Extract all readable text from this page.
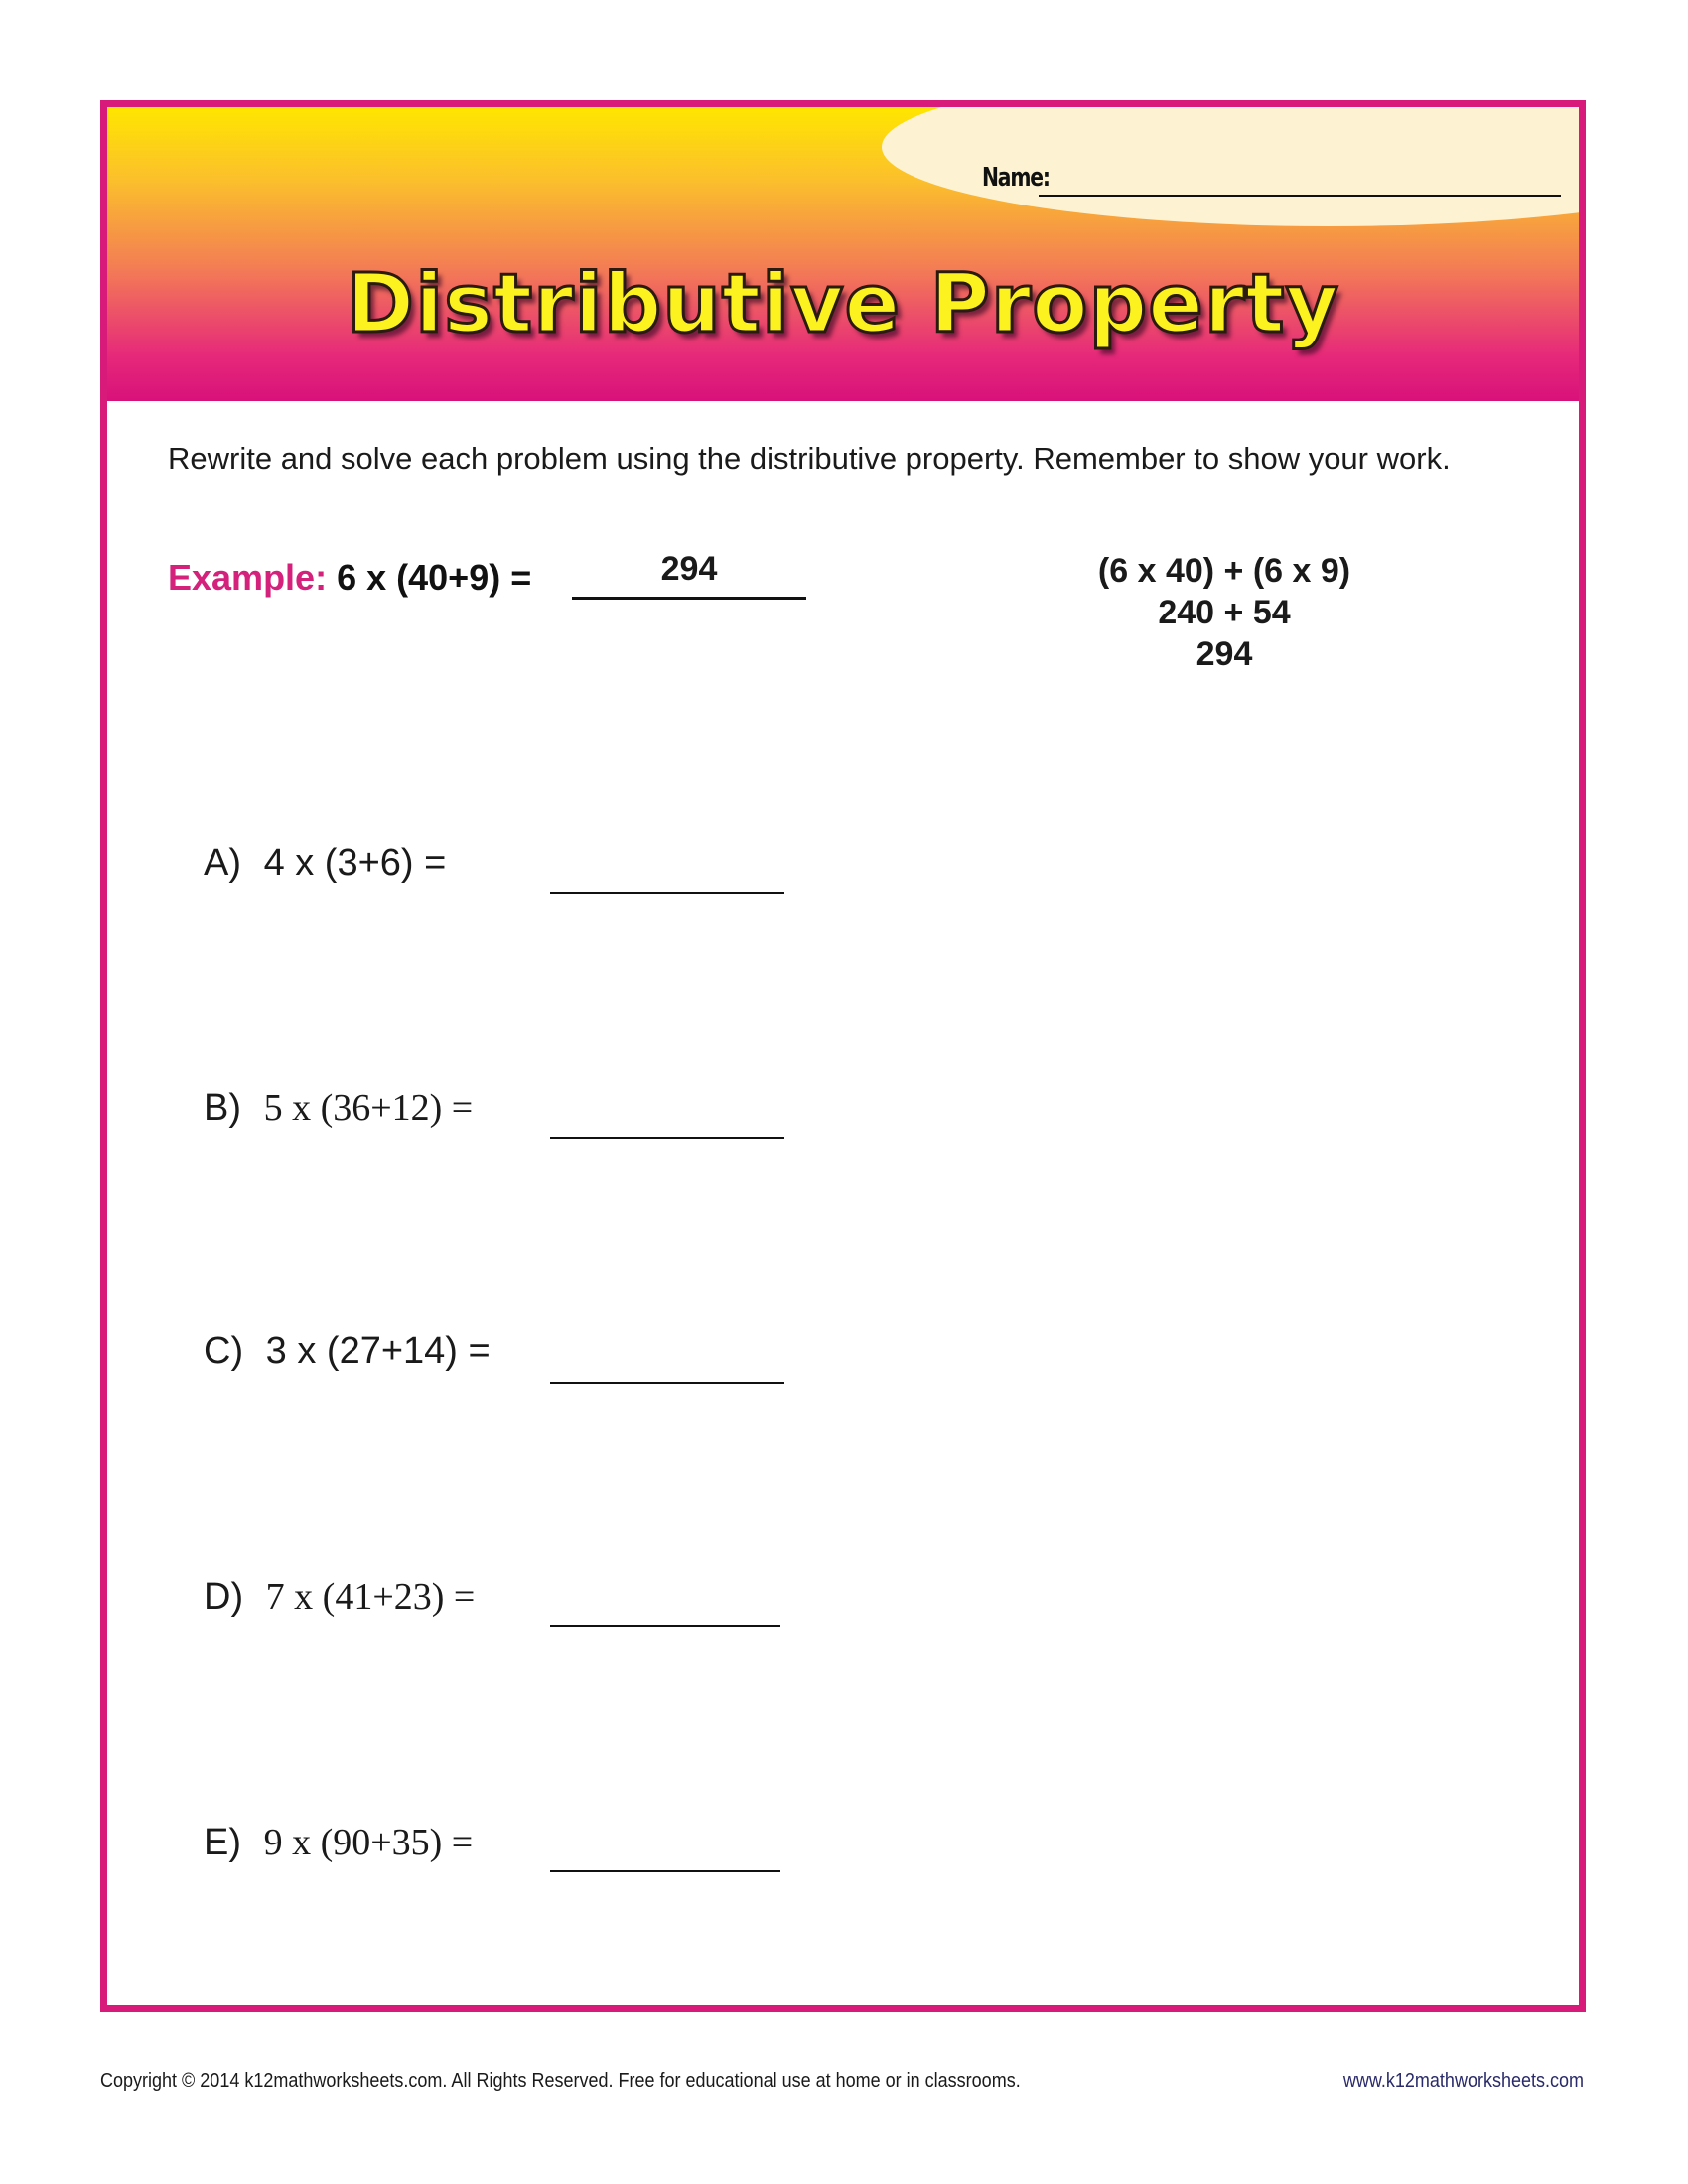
Name:
Distributive Property
Rewrite and solve each problem using the distributive property. Remember to show your work.
Example: 6 x (40+9) =	294	(6 x 40) + (6 x 9)
240 + 54
294
A) 4 x (3+6) =
B) 5 x (36+12) =
C) 3 x (27+14) =
D) 7 x (41+23) =
E) 9 x (90+35) =
Copyright © 2014 k12mathworksheets.com. All Rights Reserved. Free for educational use at home or in classrooms.	www.k12mathworksheets.com
